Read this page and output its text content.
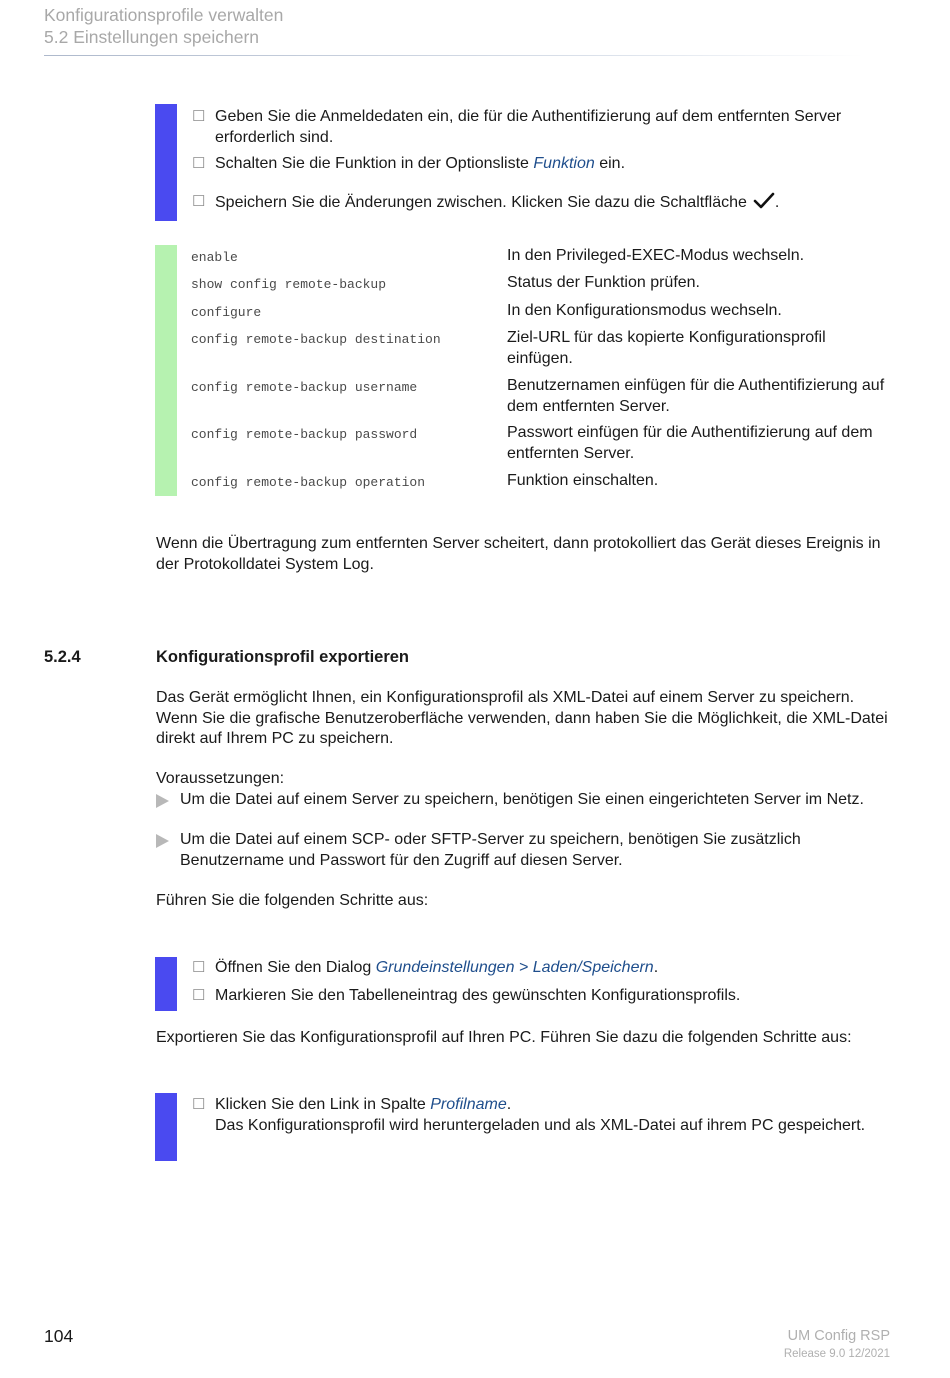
Konfigurationsprofile verwalten
5.2 Einstellungen speichern
☐ Geben Sie die Anmeldedaten ein, die für die Authentifizierung auf dem entfernten Server erforderlich sind.
☐ Schalten Sie die Funktion in der Optionsliste Funktion ein.
☐ Speichern Sie die Änderungen zwischen. Klicken Sie dazu die Schaltfläche .
enable	In den Privileged-EXEC-Modus wechseln.
show config remote-backup	Status der Funktion prüfen.
configure	In den Konfigurationsmodus wechseln.
config remote-backup destination	Ziel-URL für das kopierte Konfigurationsprofil einfügen.
config remote-backup username	Benutzernamen einfügen für die Authentifizierung auf dem entfernten Server.
config remote-backup password	Passwort einfügen für die Authentifizierung auf dem entfernten Server.
config remote-backup operation	Funktion einschalten.
Wenn die Übertragung zum entfernten Server scheitert, dann protokolliert das Gerät dieses Ereignis in der Protokolldatei System Log.
5.2.4	Konfigurationsprofil exportieren
Das Gerät ermöglicht Ihnen, ein Konfigurationsprofil als XML-Datei auf einem Server zu speichern. Wenn Sie die grafische Benutzeroberfläche verwenden, dann haben Sie die Möglichkeit, die XML-Datei direkt auf Ihrem PC zu speichern.
Voraussetzungen:
Um die Datei auf einem Server zu speichern, benötigen Sie einen eingerichteten Server im Netz.
Um die Datei auf einem SCP- oder SFTP-Server zu speichern, benötigen Sie zusätzlich Benutzername und Passwort für den Zugriff auf diesen Server.
Führen Sie die folgenden Schritte aus:
☐ Öffnen Sie den Dialog Grundeinstellungen > Laden/Speichern.
☐ Markieren Sie den Tabelleneintrag des gewünschten Konfigurationsprofils.
Exportieren Sie das Konfigurationsprofil auf Ihren PC. Führen Sie dazu die folgenden Schritte aus:
☐ Klicken Sie den Link in Spalte Profilname.
Das Konfigurationsprofil wird heruntergeladen und als XML-Datei auf ihrem PC gespeichert.
104	UM Config RSP
Release 9.0 12/2021
